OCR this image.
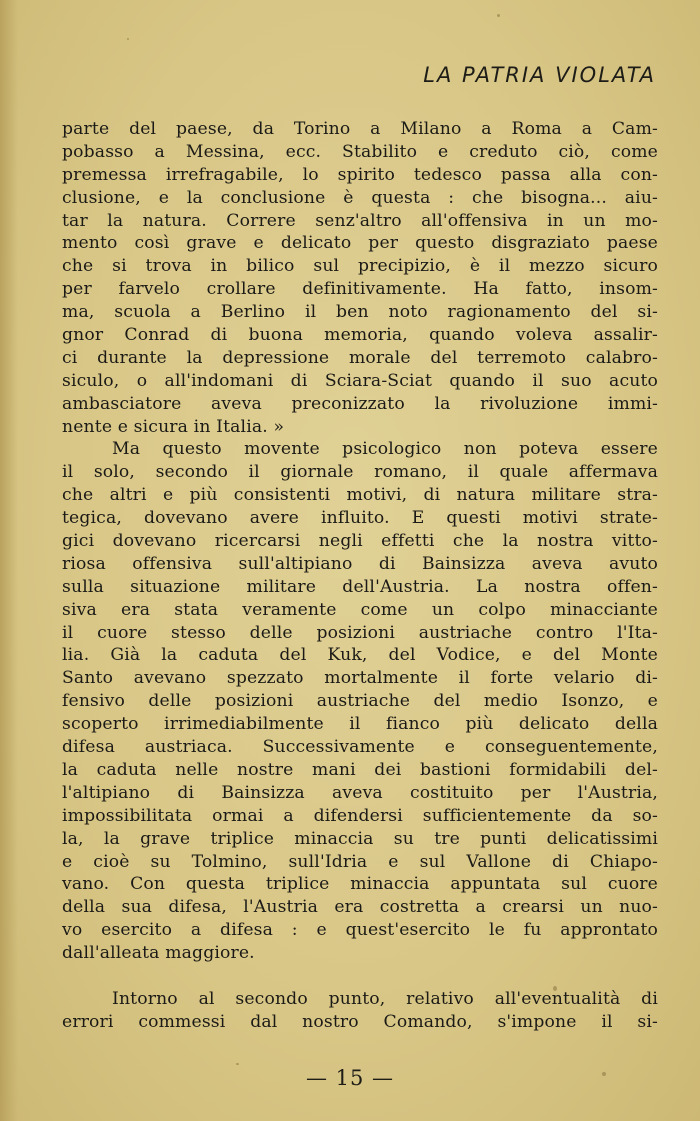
LA PATRIA VIOLATA
parte del paese, da Torino a Milano a Roma a Cam-
pobasso a Messina, ecc. Stabilito e creduto ciò, come
premessa irrefragabile, lo spirito tedesco passa alla con-
clusione, e la conclusione è questa : che bisogna... aiu-
tar la natura. Correre senz'altro all'offensiva in un mo-
mento così grave e delicato per questo disgraziato paese
che si trova in bilico sul precipizio, è il mezzo sicuro
per farvelo crollare definitivamente. Ha fatto, insom-
ma, scuola a Berlino il ben noto ragionamento del si-
gnor Conrad di buona memoria, quando voleva assalir-
ci durante la depressione morale del terremoto calabro-
siculo, o all'indomani di Sciara-Sciat quando il suo acuto
ambasciatore aveva preconizzato la rivoluzione immi-
nente e sicura in Italia. »
Ma questo movente psicologico non poteva essere
il solo, secondo il giornale romano, il quale affermava
che altri e più consistenti motivi, di natura militare stra-
tegica, dovevano avere influito. E questi motivi strate-
gici dovevano ricercarsi negli effetti che la nostra vitto-
riosa offensiva sull'altipiano di Bainsizza aveva avuto
sulla situazione militare dell'Austria. La nostra offen-
siva era stata veramente come un colpo minacciante
il cuore stesso delle posizioni austriache contro l'Ita-
lia. Già la caduta del Kuk, del Vodice, e del Monte
Santo avevano spezzato mortalmente il forte velario di-
fensivo delle posizioni austriache del medio Isonzo, e
scoperto irrimediabilmente il fianco più delicato della
difesa austriaca. Successivamente e conseguentemente,
la caduta nelle nostre mani dei bastioni formidabili del-
l'altipiano di Bainsizza aveva costituito per l'Austria,
impossibilitata ormai a difendersi sufficientemente da so-
la, la grave triplice minaccia su tre punti delicatissimi
e cioè su Tolmino, sull'Idria e sul Vallone di Chiapo-
vano. Con questa triplice minaccia appuntata sul cuore
della sua difesa, l'Austria era costretta a crearsi un nuo-
vo esercito a difesa : e quest'esercito le fu approntato
dall'alleata maggiore.
Intorno al secondo punto, relativo all'eventualità di
errori commessi dal nostro Comando, s'impone il si-
— 15 —
